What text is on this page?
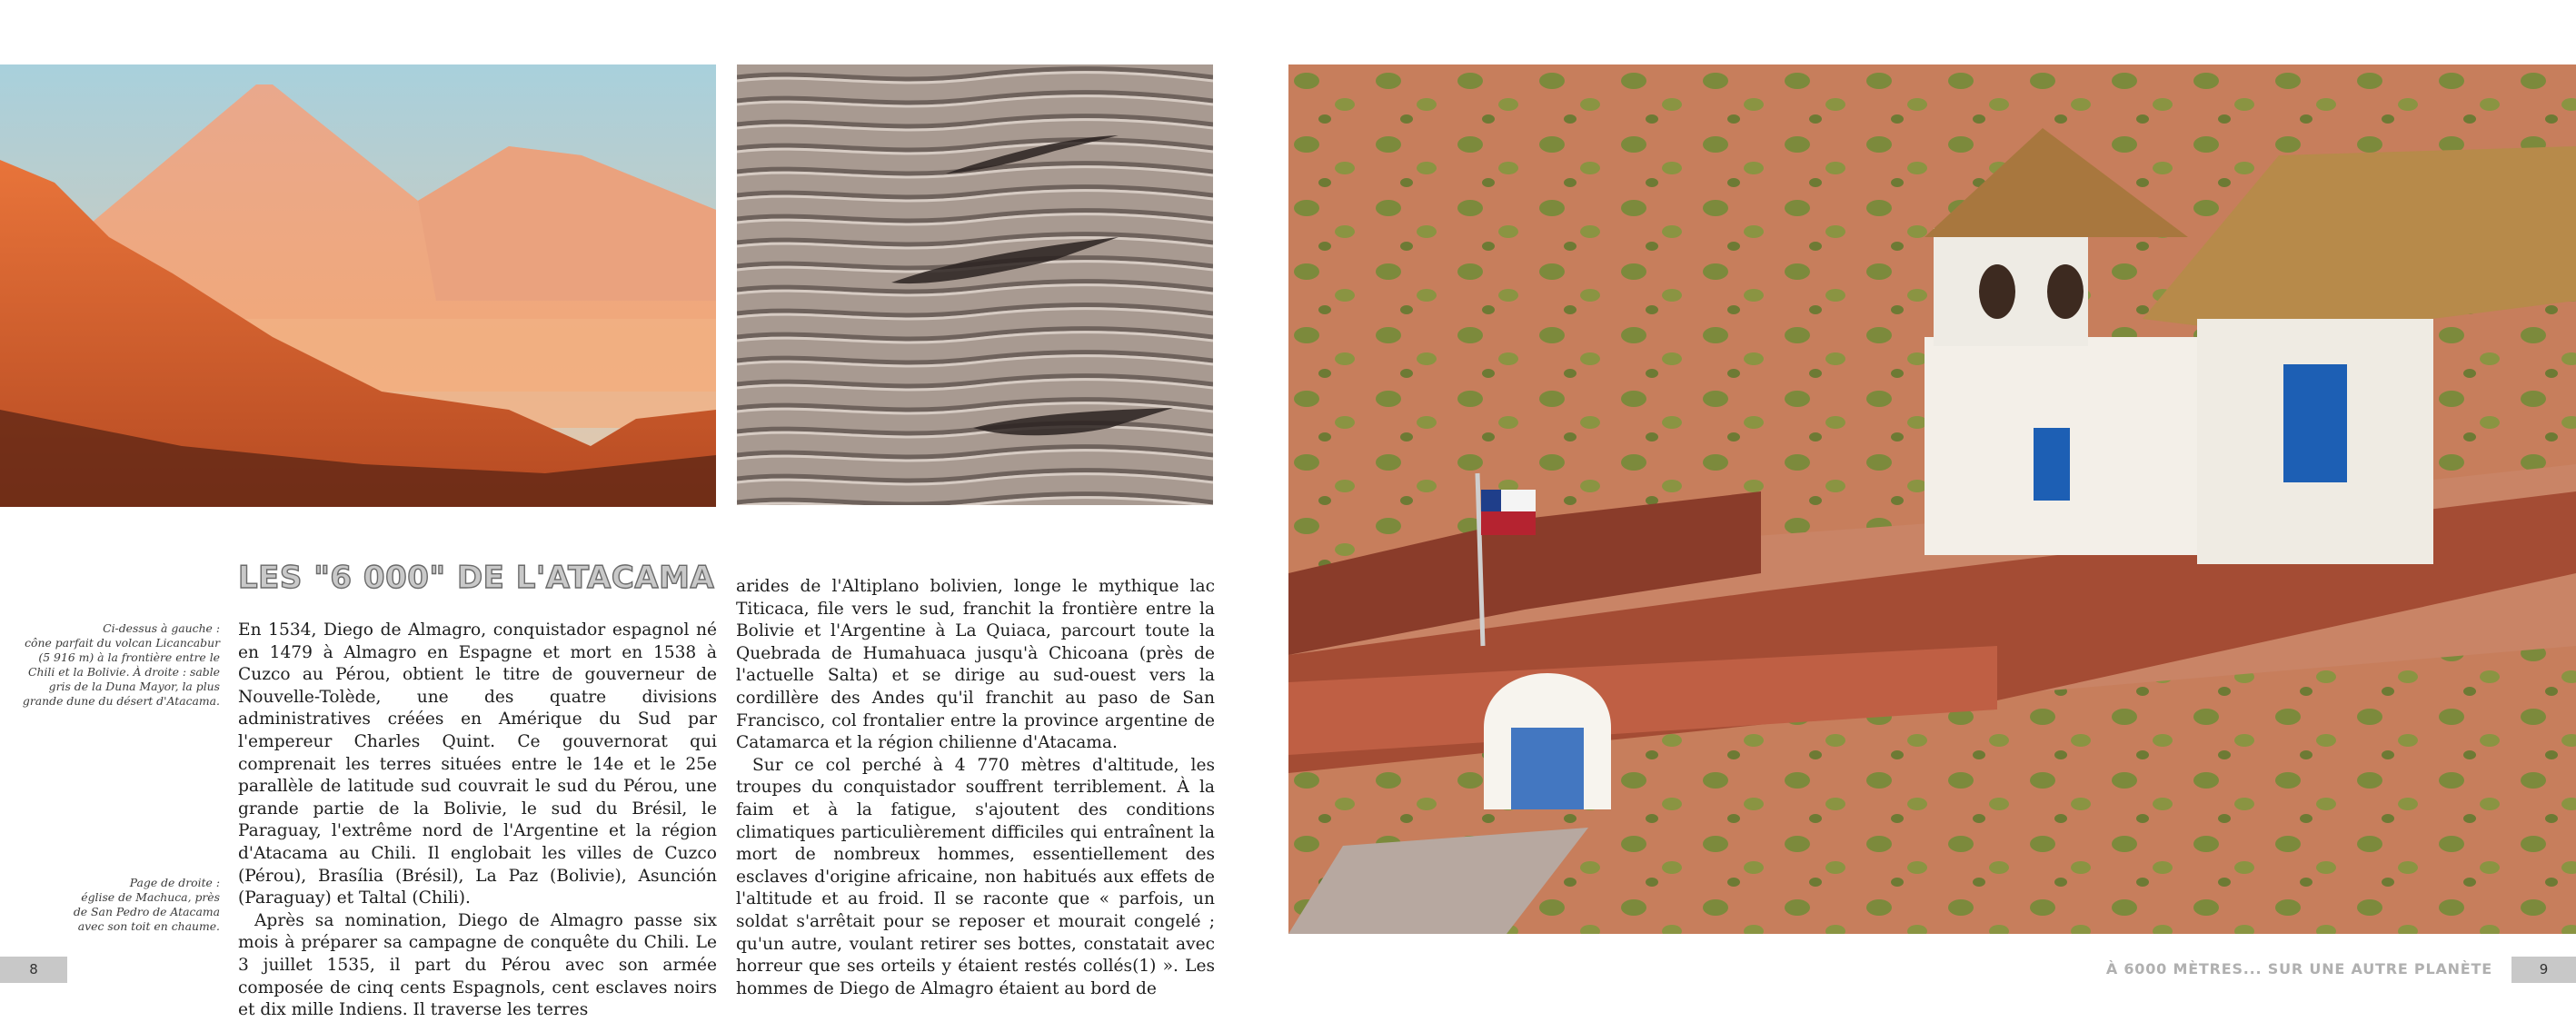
LES "6 000" DE L'ATACAMA

Ci-dessus à gauche :

cône parfait du volcan Licancabur

(5 916 m) à la frontière entre le

Chili et la Bolivie. À droite : sable

gris de la Duna Mayor, la plus

grande dune du désert d'Atacama.

Page de droite :

église de Machuca, près

de San Pedro de Atacama

avec son toit en chaume.

En 1534, Diego de Almagro, conquistador espagnol né en 1479 à Almagro en Espagne et mort en 1538 à Cuzco au Pérou, obtient le titre de gouverneur de Nouvelle-Tolède, une des quatre divisions administratives créées en Amérique du Sud par l'empereur Charles Quint. Ce gouvernorat qui comprenait les terres situées entre le 14e et le 25e parallèle de latitude sud couvrait le sud du Pérou, une grande partie de la Bolivie, le sud du Brésil, le Paraguay, l'extrême nord de l'Argentine et la région d'Atacama au Chili. Il englobait les villes de Cuzco (Pérou), Brasília (Brésil), La Paz (Bolivie), Asunción (Paraguay) et Taltal (Chili).

Après sa nomination, Diego de Almagro passe six mois à préparer sa campagne de conquête du Chili. Le 3 juillet 1535, il part du Pérou avec son armée composée de cinq cents Espagnols, cent esclaves noirs et dix mille Indiens. Il traverse les terres

arides de l'Altiplano bolivien, longe le mythique lac Titicaca, file vers le sud, franchit la frontière entre la Bolivie et l'Argentine à La Quiaca, parcourt toute la Quebrada de Humahuaca jusqu'à Chicoana (près de l'actuelle Salta) et se dirige au sud-ouest vers la cordillère des Andes qu'il franchit au paso de San Francisco, col frontalier entre la province argentine de Catamarca et la région chilienne d'Atacama.

Sur ce col perché à 4 770 mètres d'altitude, les troupes du conquistador souffrent terriblement. À la faim et à la fatigue, s'ajoutent des conditions climatiques particulièrement difficiles qui entraînent la mort de nombreux hommes, essentiellement des esclaves d'origine africaine, non habitués aux effets de l'altitude et au froid. Il se raconte que « parfois, un soldat s'arrêtait pour se reposer et mourait congelé ; qu'un autre, voulant retirer ses bottes, constatait avec horreur que ses orteils y étaient restés collés(1) ». Les hommes de Diego de Almagro étaient au bord de

8	À 6000 MÈTRES... SUR UNE AUTRE PLANÈTE	9
